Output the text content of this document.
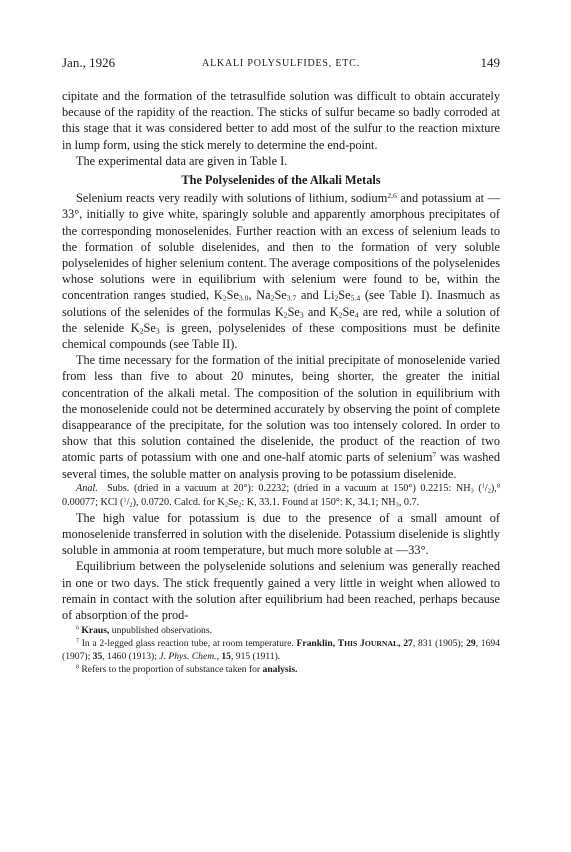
Jan., 1926	ALKALI POLYSULFIDES, ETC.	149

cipitate and the formation of the tetrasulfide solution was difficult to obtain accurately because of the rapidity of the reaction. The sticks of sulfur became so badly corroded at this stage that it was considered better to add most of the sulfur to the reaction mixture in lump form, using the stick merely to determine the end-point.

The experimental data are given in Table I.

The Polyselenides of the Alkali Metals

Selenium reacts very readily with solutions of lithium, sodium$^{2,6}$ and potassium at —33°, initially to give white, sparingly soluble and apparently amorphous precipitates of the corresponding monoselenides. Further reaction with an excess of selenium leads to the formation of soluble diselenides, and then to the formation of very soluble polyselenides of higher selenium content. The average compositions of the polyselenides whose solutions were in equilibrium with selenium were found to be, within the concentration ranges studied, $K_2Se_{3.0}$, $Na_2Se_{3.7}$ and $Li_2Se_{5.4}$ (see Table I). Inasmuch as solutions of the selenides of the formulas $K_2Se_3$ and $K_2Se_4$ are red, while a solution of the selenide $K_2Se_3$ is green, polyselenides of these compositions must be definite chemical compounds (see Table II).

The time necessary for the formation of the initial precipitate of monoselenide varied from less than five to about 20 minutes, being shorter, the greater the initial concentration of the alkali metal. The composition of the solution in equilibrium with the monoselenide could not be determined accurately by observing the point of complete disappearance of the precipitate, for the solution was too intensely colored. In order to show that this solution contained the diselenide, the product of the reaction of two atomic parts of potassium with one and one-half atomic parts of selenium$^7$ was washed several times, the soluble matter on analysis proving to be potassium diselenide.

Anal. Subs. (dried in a vacuum at 20°): 0.2232; (dried in a vacuum at 150°) 0.2215: $NH_3$ $(^1/_2),^8$ 0.00077; KCl $(^1/_2)$, 0.0720. Calcd. for $K_2Se_2$: K, 33.1. Found at 150°: K, 34.1; $NH_3$, 0.7.

The high value for potassium is due to the presence of a small amount of monoselenide transferred in solution with the diselenide. Potassium diselenide is slightly soluble in ammonia at room temperature, but much more soluble at —33°.

Equilibrium between the polyselenide solutions and selenium was generally reached in one or two days. The stick frequently gained a very little in weight when allowed to remain in contact with the solution after equilibrium had been reached, perhaps because of absorption of the prod-

$^6$ Kraus, unpublished observations.

$^7$ In a 2-legged glass reaction tube, at room temperature. Franklin, THIS JOURNAL, 27, 831 (1905); 29, 1694 (1907); 35, 1460 (1913); J. Phys. Chem., 15, 915 (1911).

$^8$ Refers to the proportion of substance taken for analysis.
